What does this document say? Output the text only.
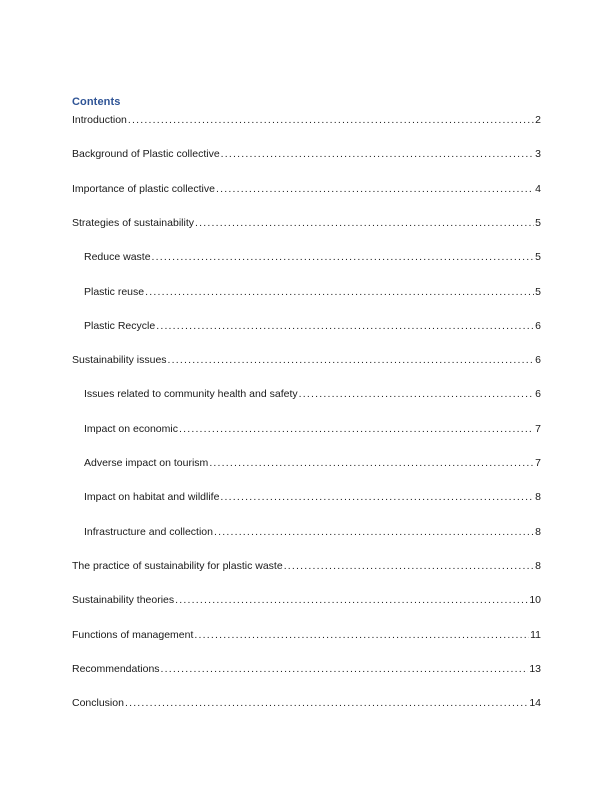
Contents
Introduction .....	2
Background of Plastic collective .....	3
Importance of plastic collective .....	4
Strategies of sustainability .....	5
Reduce waste .....	5
Plastic reuse .....	5
Plastic Recycle .....	6
Sustainability issues .....	6
Issues related to community health and safety .....	6
Impact on economic .....	7
Adverse impact on tourism .....	7
Impact on habitat and wildlife .....	8
Infrastructure and collection .....	8
The practice of sustainability for plastic waste .....	8
Sustainability theories .....	10
Functions of management .....	11
Recommendations .....	13
Conclusion .....	14
